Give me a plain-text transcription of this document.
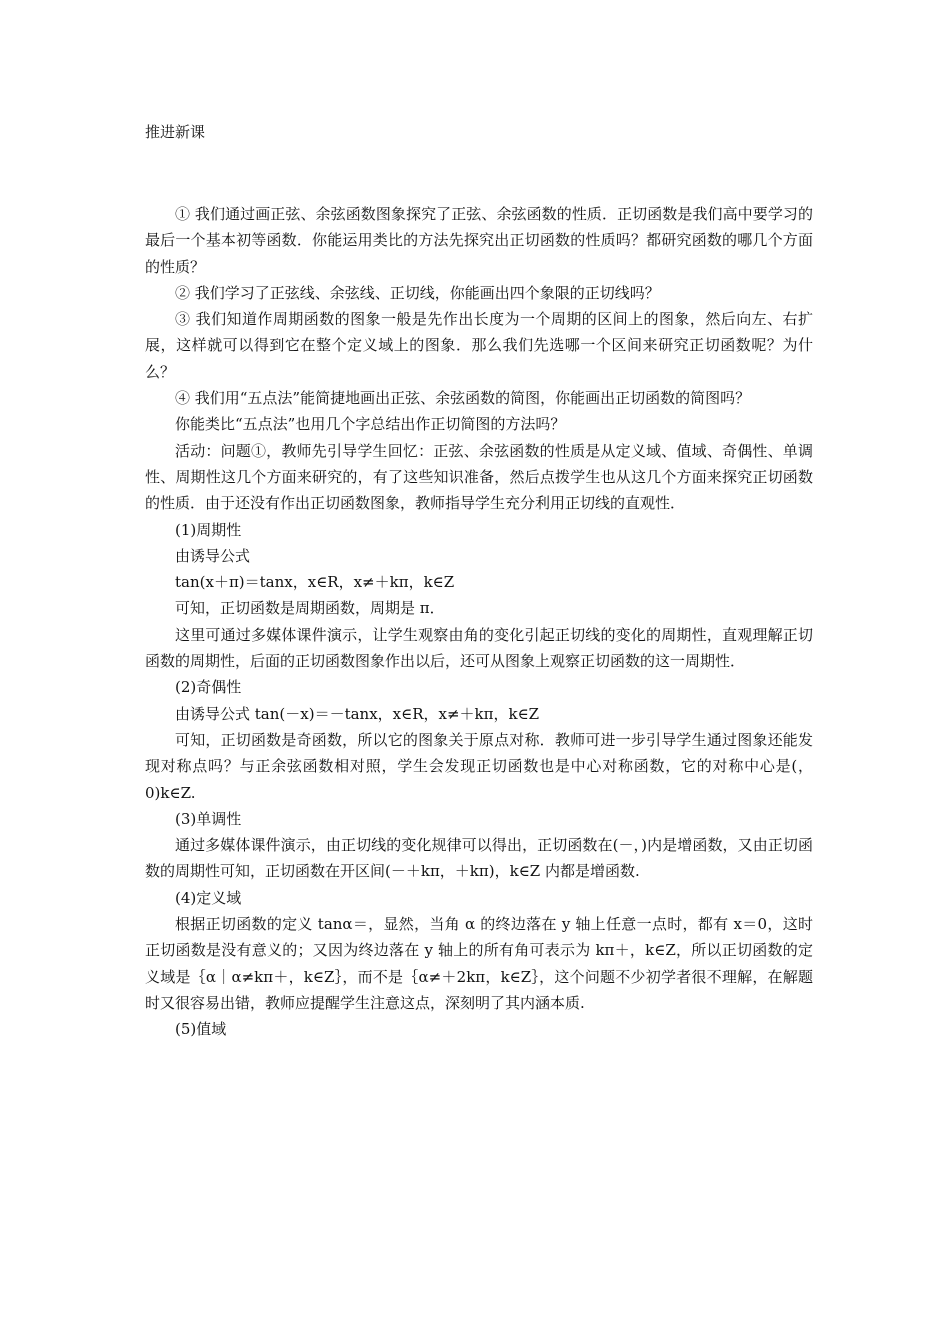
推进新课

① 我们通过画正弦、余弦函数图象探究了正弦、余弦函数的性质．正切函数是我们高中要学习的最后一个基本初等函数．你能运用类比的方法先探究出正切函数的性质吗？都研究函数的哪几个方面的性质？

② 我们学习了正弦线、余弦线、正切线，你能画出四个象限的正切线吗？

③ 我们知道作周期函数的图象一般是先作出长度为一个周期的区间上的图象，然后向左、右扩展，这样就可以得到它在整个定义域上的图象．那么我们先选哪一个区间来研究正切函数呢？为什么？

④ 我们用“五点法”能简捷地画出正弦、余弦函数的简图，你能画出正切函数的简图吗？

你能类比“五点法”也用几个字总结出作正切简图的方法吗？

活动：问题①，教师先引导学生回忆：正弦、余弦函数的性质是从定义域、值域、奇偶性、单调性、周期性这几个方面来研究的，有了这些知识准备，然后点拨学生也从这几个方面来探究正切函数的性质．由于还没有作出正切函数图象，教师指导学生充分利用正切线的直观性．

(1)周期性

由诱导公式

tan(x＋π)＝tanx，x∈R，x≠＋kπ，k∈Z

可知，正切函数是周期函数，周期是 π．

这里可通过多媒体课件演示，让学生观察由角的变化引起正切线的变化的周期性，直观理解正切函数的周期性，后面的正切函数图象作出以后，还可从图象上观察正切函数的这一周期性．

(2)奇偶性

由诱导公式 tan(－x)＝－tanx，x∈R，x≠＋kπ，k∈Z

可知，正切函数是奇函数，所以它的图象关于原点对称．教师可进一步引导学生通过图象还能发现对称点吗？与正余弦函数相对照，学生会发现正切函数也是中心对称函数，它的对称中心是(，0)k∈Z.

(3)单调性

通过多媒体课件演示，由正切线的变化规律可以得出，正切函数在(－，)内是增函数，又由正切函数的周期性可知，正切函数在开区间(－＋kπ，＋kπ)，k∈Z 内都是增函数.

(4)定义域

根据正切函数的定义 tanα＝，显然，当角 α 的终边落在 y 轴上任意一点时，都有 x＝0，这时正切函数是没有意义的；又因为终边落在 y 轴上的所有角可表示为 kπ＋，k∈Z，所以正切函数的定义域是｛α｜α≠kπ＋，k∈Z｝，而不是｛α≠＋2kπ，k∈Z｝，这个问题不少初学者很不理解，在解题时又很容易出错，教师应提醒学生注意这点，深刻明了其内涵本质.

(5)值域
